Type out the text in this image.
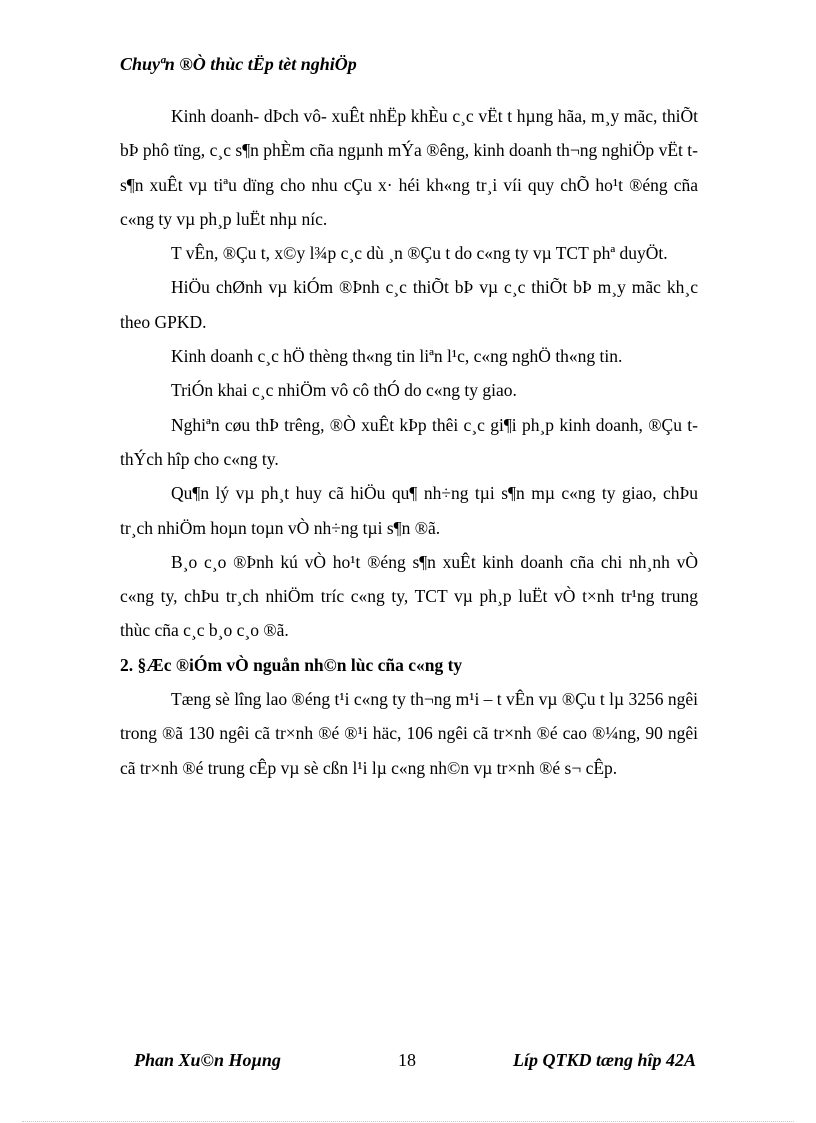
Chuyªn ®Ò thùc tËp tèt nghiÖp

Kinh doanh- dÞch vô- xuÊt nhËp khÈu c¸c vËt t hµng hãa, m¸y mãc, thiÕt bÞ phô tïng, c¸c s¶n phÈm cña ngµnh mÝa ®êng, kinh doanh th¬ng nghiÖp vËt t s¶n xuÊt vµ tiªu dïng cho nhu cÇu x· héi kh«ng tr¸i víi quy chÕ ho¹t ®éng cña c«ng ty vµ ph¸p luËt nhµ níc.

T vÊn, ®Çu t, x©y l¾p c¸c dù ¸n ®Çu t do c«ng ty vµ TCT phª duyÖt.

HiÖu chØnh vµ kiÓm ®Þnh c¸c thiÕt bÞ vµ c¸c thiÕt bÞ m¸y mãc kh¸c theo GPKD.

Kinh doanh c¸c hÖ thèng th«ng tin liªn l¹c, c«ng nghÖ th«ng tin.

TriÓn khai c¸c nhiÖm vô cô thÓ do c«ng ty giao.

Nghiªn cøu thÞ trêng, ®Ò xuÊt kÞp thêi c¸c gi¶i ph¸p kinh doanh, ®Çu t thÝch hîp cho c«ng ty.

Qu¶n lý vµ ph¸t huy cã hiÖu qu¶ nh÷ng tµi s¶n mµ c«ng ty giao, chÞu tr¸ch nhiÖm hoµn toµn vÒ nh÷ng tµi s¶n ®ã.

B¸o c¸o ®Þnh kú vÒ ho¹t ®éng s¶n xuÊt kinh doanh cña chi nh¸nh vÒ c«ng ty, chÞu tr¸ch nhiÖm tríc c«ng ty, TCT vµ ph¸p luËt vÒ t×nh tr¹ng trung thùc cña c¸c b¸o c¸o ®ã.

2. §Æc ®iÓm vÒ nguån nh©n lùc cña c«ng ty

Tæng sè lîng lao ®éng t¹i c«ng ty th¬ng m¹i – t vÊn vµ ®Çu t lµ 3256 ngêi trong ®ã 130 ngêi cã tr×nh ®é ®¹i häc, 106 ngêi cã tr×nh ®é cao ®¼ng, 90 ngêi cã tr×nh ®é trung cÊp vµ sè cßn l¹i lµ c«ng nh©n vµ tr×nh ®é s¬ cÊp.

Phan Xu©n Hoµng	18	Líp QTKD tæng hîp 42A
